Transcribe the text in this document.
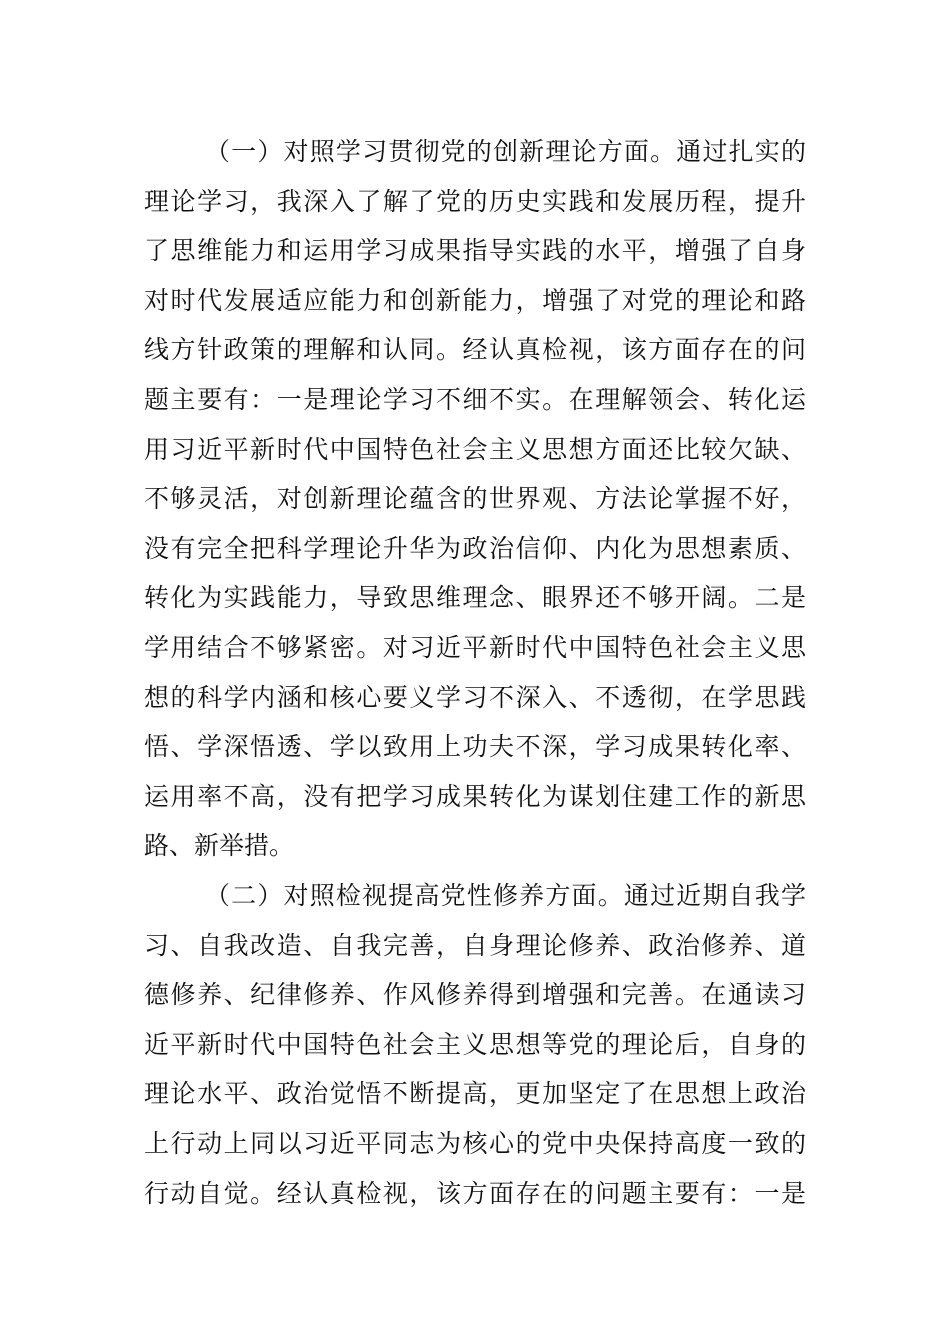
（一）对照学习贯彻党的创新理论方面。通过扎实的
理论学习，我深入了解了党的历史实践和发展历程，提升
了思维能力和运用学习成果指导实践的水平，增强了自身
对时代发展适应能力和创新能力，增强了对党的理论和路
线方针政策的理解和认同。经认真检视，该方面存在的问
题主要有：一是理论学习不细不实。在理解领会、转化运
用习近平新时代中国特色社会主义思想方面还比较欠缺、
不够灵活，对创新理论蕴含的世界观、方法论掌握不好，
没有完全把科学理论升华为政治信仰、内化为思想素质、
转化为实践能力，导致思维理念、眼界还不够开阔。二是
学用结合不够紧密。对习近平新时代中国特色社会主义思
想的科学内涵和核心要义学习不深入、不透彻，在学思践
悟、学深悟透、学以致用上功夫不深，学习成果转化率、
运用率不高，没有把学习成果转化为谋划住建工作的新思
路、新举措。
（二）对照检视提高党性修养方面。通过近期自我学
习、自我改造、自我完善，自身理论修养、政治修养、道
德修养、纪律修养、作风修养得到增强和完善。在通读习
近平新时代中国特色社会主义思想等党的理论后，自身的
理论水平、政治觉悟不断提高，更加坚定了在思想上政治
上行动上同以习近平同志为核心的党中央保持高度一致的
行动自觉。经认真检视，该方面存在的问题主要有：一是
